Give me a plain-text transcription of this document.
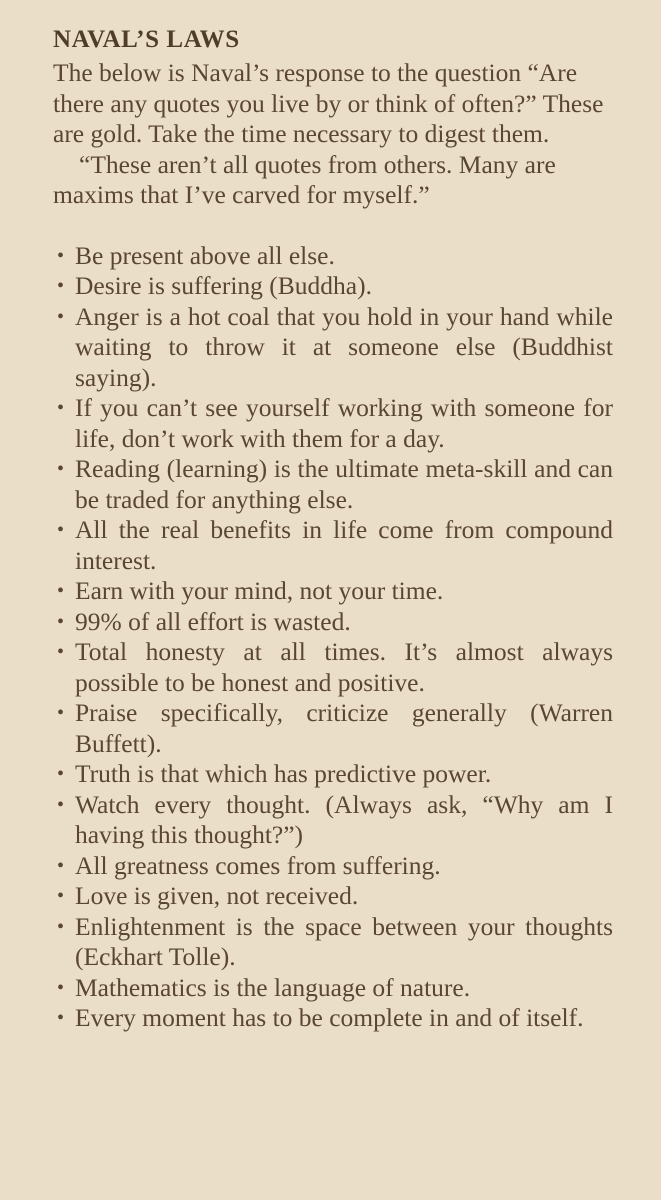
NAVAL’S LAWS

The below is Naval’s response to the question “Are there any quotes you live by or think of often?” These are gold. Take the time necessary to digest them.

“These aren’t all quotes from others. Many are maxims that I’ve carved for myself.”

• Be present above all else.
• Desire is suffering (Buddha).
• Anger is a hot coal that you hold in your hand while waiting to throw it at someone else (Buddhist saying).
• If you can’t see yourself working with someone for life, don’t work with them for a day.
• Reading (learning) is the ultimate meta-skill and can be traded for anything else.
• All the real benefits in life come from compound interest.
• Earn with your mind, not your time.
• 99% of all effort is wasted.
• Total honesty at all times. It’s almost always possible to be honest and positive.
• Praise specifically, criticize generally (Warren Buffett).
• Truth is that which has predictive power.
• Watch every thought. (Always ask, “Why am I having this thought?”)
• All greatness comes from suffering.
• Love is given, not received.
• Enlightenment is the space between your thoughts (Eckhart Tolle).
• Mathematics is the language of nature.
• Every moment has to be complete in and of itself.
